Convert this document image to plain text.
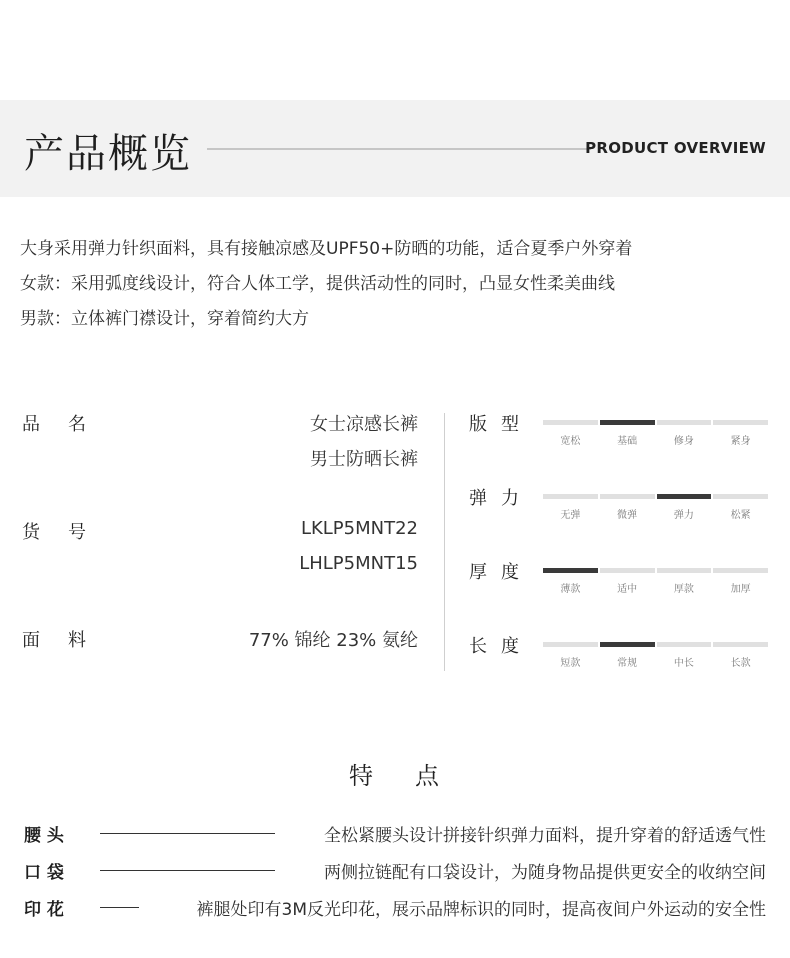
产品概览	PRODUCT OVERVIEW
大身采用弹力针织面料，具有接触凉感及UPF50+防晒的功能，适合夏季户外穿着
女款：采用弧度线设计，符合人体工学，提供活动性的同时，凸显女性柔美曲线
男款：立体裤门襟设计，穿着简约大方
品 名	女士凉感长裤
男士防晒长裤
货 号	LKLP5MNT22
LHLP5MNT15
面 料	77% 锦纶 23% 氨纶
版 型
宽松	基础	修身	紧身
弹 力
无弹	微弹	弹力	松紧
厚 度
薄款	适中	厚款	加厚
长 度
短款	常规	中长	长款
特 点
腰 头	全松紧腰头设计拼接针织弹力面料，提升穿着的舒适透气性
口 袋	两侧拉链配有口袋设计，为随身物品提供更安全的收纳空间
印 花	裤腿处印有3M反光印花，展示品牌标识的同时，提高夜间户外运动的安全性
